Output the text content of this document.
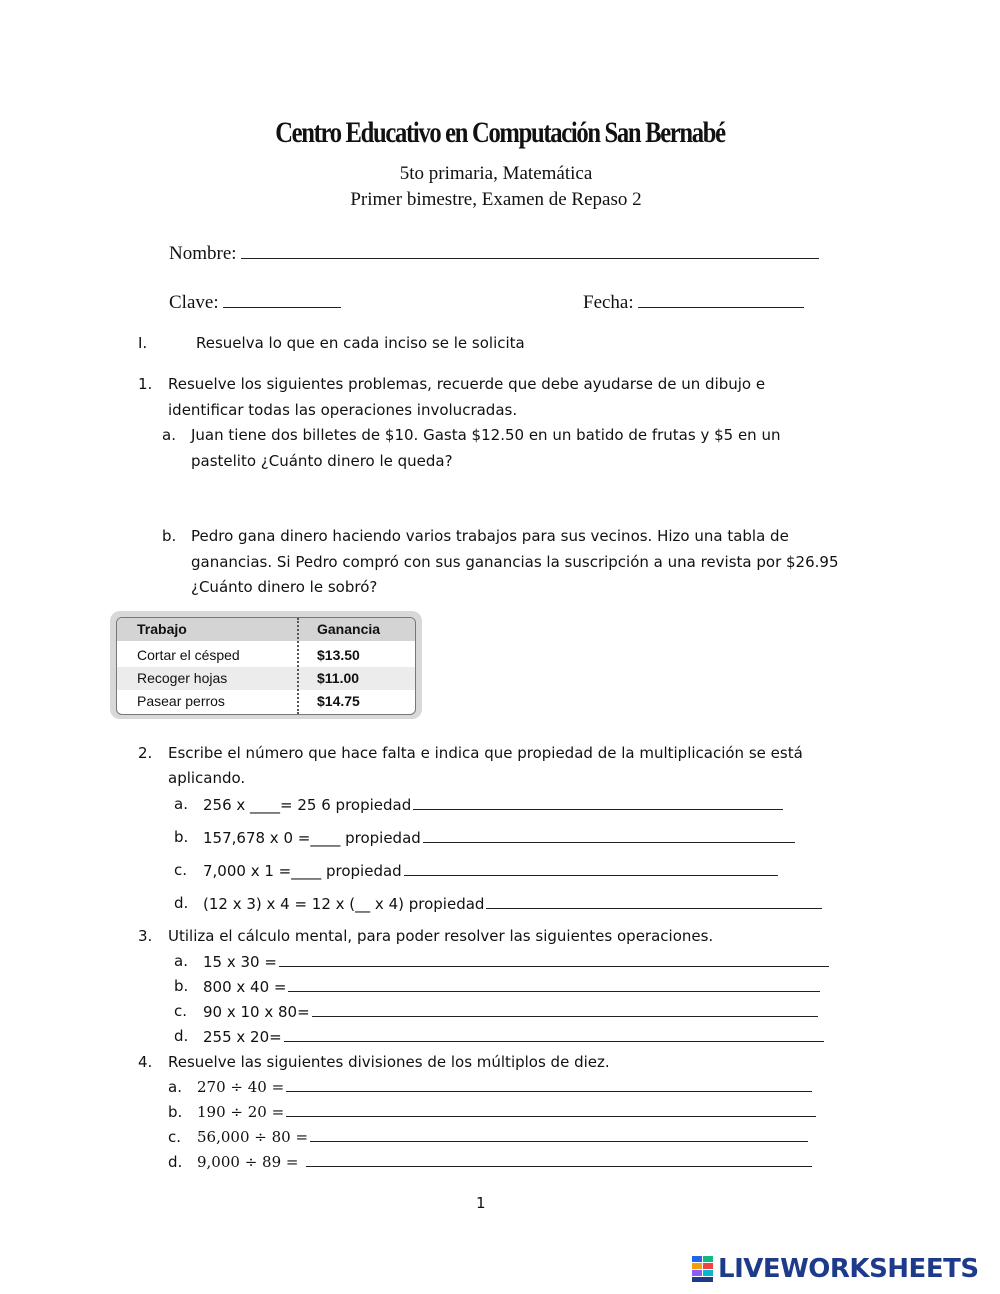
Centro Educativo en Computación San Bernabé
5to primaria, Matemática
Primer bimestre, Examen de Repaso 2
Nombre:
Clave:	Fecha:
I.	Resuelva lo que en cada inciso se le solicita
1. Resuelve los siguientes problemas, recuerde que debe ayudarse de un dibujo e
identificar todas las operaciones involucradas.
a. Juan tiene dos billetes de $10. Gasta $12.50 en un batido de frutas y $5 en un
pastelito ¿Cuánto dinero le queda?
b. Pedro gana dinero haciendo varios trabajos para sus vecinos. Hizo una tabla de
ganancias. Si Pedro compró con sus ganancias la suscripción a una revista por $26.95
¿Cuánto dinero le sobró?
Trabajo	Ganancia
Cortar el césped	$13.50
Recoger hojas	$11.00
Pasear perros	$14.75
2. Escribe el número que hace falta e indica que propiedad de la multiplicación se está
aplicando.
a. 256 x ____= 25 6 propiedad
b. 157,678 x 0 =____ propiedad
c. 7,000 x 1 =____ propiedad
d. (12 x 3) x 4 = 12 x (__ x 4) propiedad
3. Utiliza el cálculo mental, para poder resolver las siguientes operaciones.
a. 15 x 30 =
b. 800 x 40 =
c. 90 x 10 x 80=
d. 255 x 20=
4. Resuelve las siguientes divisiones de los múltiplos de diez.
a. 270 ÷ 40 =
b. 190 ÷ 20 =
c. 56,000 ÷ 80 =
d. 9,000 ÷ 89 =
1
LIVEWORKSHEETS
